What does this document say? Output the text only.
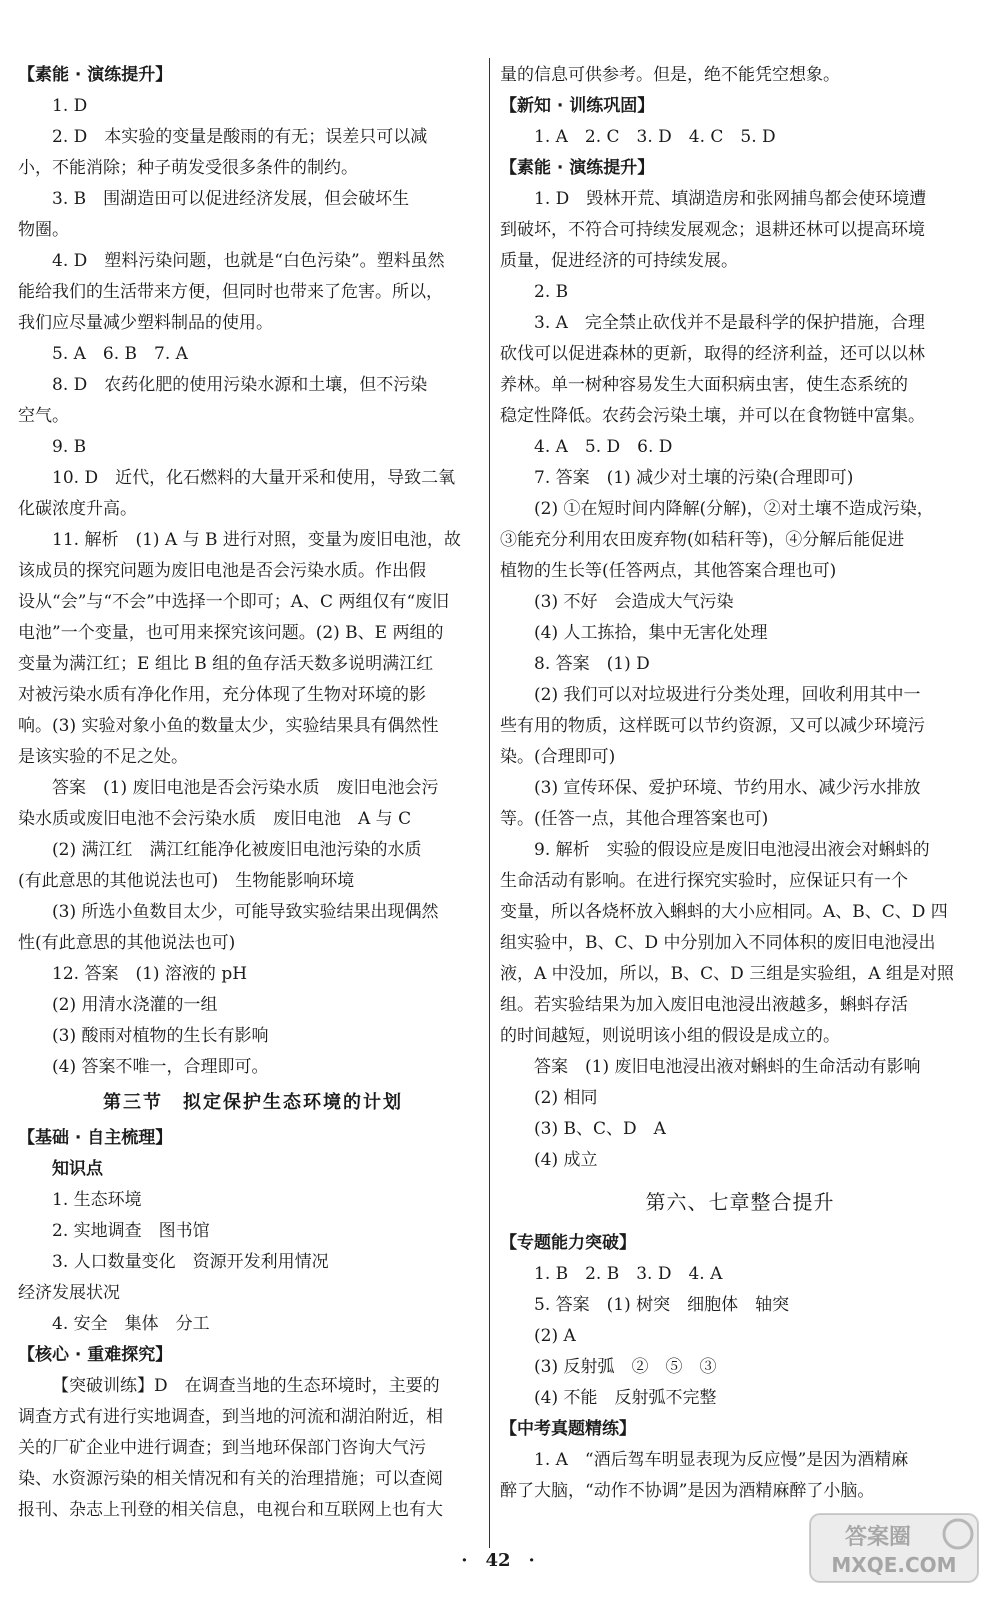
【素能 · 演练提升】
1. D
2. D　本实验的变量是酸雨的有无；误差只可以减
小，不能消除；种子萌发受很多条件的制约。
3. B　围湖造田可以促进经济发展，但会破坏生
物圈。
4. D　塑料污染问题，也就是“白色污染”。塑料虽然
能给我们的生活带来方便，但同时也带来了危害。所以，
我们应尽量减少塑料制品的使用。
5. A　6. B　7. A
8. D　农药化肥的使用污染水源和土壤，但不污染
空气。
9. B
10. D　近代，化石燃料的大量开采和使用，导致二氧
化碳浓度升高。
11. 解析　(1) A 与 B 进行对照，变量为废旧电池，故
该成员的探究问题为废旧电池是否会污染水质。作出假
设从“会”与“不会”中选择一个即可；A、C 两组仅有“废旧
电池”一个变量，也可用来探究该问题。(2) B、E 两组的
变量为满江红；E 组比 B 组的鱼存活天数多说明满江红
对被污染水质有净化作用，充分体现了生物对环境的影
响。(3) 实验对象小鱼的数量太少，实验结果具有偶然性
是该实验的不足之处。
答案　(1) 废旧电池是否会污染水质　废旧电池会污
染水质或废旧电池不会污染水质　废旧电池　A 与 C
(2) 满江红　满江红能净化被废旧电池污染的水质
(有此意思的其他说法也可)　生物能影响环境
(3) 所选小鱼数目太少，可能导致实验结果出现偶然
性(有此意思的其他说法也可)
12. 答案　(1) 溶液的 pH
(2) 用清水浇灌的一组
(3) 酸雨对植物的生长有影响
(4) 答案不唯一，合理即可。
第三节　拟定保护生态环境的计划
【基础 · 自主梳理】
知识点
1. 生态环境
2. 实地调查　图书馆
3. 人口数量变化　资源开发利用情况
经济发展状况
4. 安全　集体　分工
【核心 · 重难探究】
【突破训练】D　在调查当地的生态环境时，主要的
调查方式有进行实地调查，到当地的河流和湖泊附近，相
关的厂矿企业中进行调查；到当地环保部门咨询大气污
染、水资源污染的相关情况和有关的治理措施；可以查阅
报刊、杂志上刊登的相关信息，电视台和互联网上也有大
量的信息可供参考。但是，绝不能凭空想象。
【新知 · 训练巩固】
1. A　2. C　3. D　4. C　5. D
【素能 · 演练提升】
1. D　毁林开荒、填湖造房和张网捕鸟都会使环境遭
到破坏，不符合可持续发展观念；退耕还林可以提高环境
质量，促进经济的可持续发展。
2. B
3. A　完全禁止砍伐并不是最科学的保护措施，合理
砍伐可以促进森林的更新，取得的经济利益，还可以以林
养林。单一树种容易发生大面积病虫害，使生态系统的
稳定性降低。农药会污染土壤，并可以在食物链中富集。
4. A　5. D　6. D
7. 答案　(1) 减少对土壤的污染(合理即可)
(2) ①在短时间内降解(分解)，②对土壤不造成污染，
③能充分利用农田废弃物(如秸秆等)，④分解后能促进
植物的生长等(任答两点，其他答案合理也可)
(3) 不好　会造成大气污染
(4) 人工拣拾，集中无害化处理
8. 答案　(1) D
(2) 我们可以对垃圾进行分类处理，回收利用其中一
些有用的物质，这样既可以节约资源，又可以减少环境污
染。(合理即可)
(3) 宣传环保、爱护环境、节约用水、减少污水排放
等。(任答一点，其他合理答案也可)
9. 解析　实验的假设应是废旧电池浸出液会对蝌蚪的
生命活动有影响。在进行探究实验时，应保证只有一个
变量，所以各烧杯放入蝌蚪的大小应相同。A、B、C、D 四
组实验中，B、C、D 中分别加入不同体积的废旧电池浸出
液，A 中没加，所以，B、C、D 三组是实验组，A 组是对照
组。若实验结果为加入废旧电池浸出液越多，蝌蚪存活
的时间越短，则说明该小组的假设是成立的。
答案　(1) 废旧电池浸出液对蝌蚪的生命活动有影响
(2) 相同
(3) B、C、D　A
(4) 成立
第六、七章整合提升
【专题能力突破】
1. B　2. B　3. D　4. A
5. 答案　(1) 树突　细胞体　轴突
(2) A
(3) 反射弧　②　⑤　③
(4) 不能　反射弧不完整
【中考真题精练】
1. A　“酒后驾车明显表现为反应慢”是因为酒精麻
醉了大脑，“动作不协调”是因为酒精麻醉了小脑。
·　42　·
答案圈
MXQE.COM
